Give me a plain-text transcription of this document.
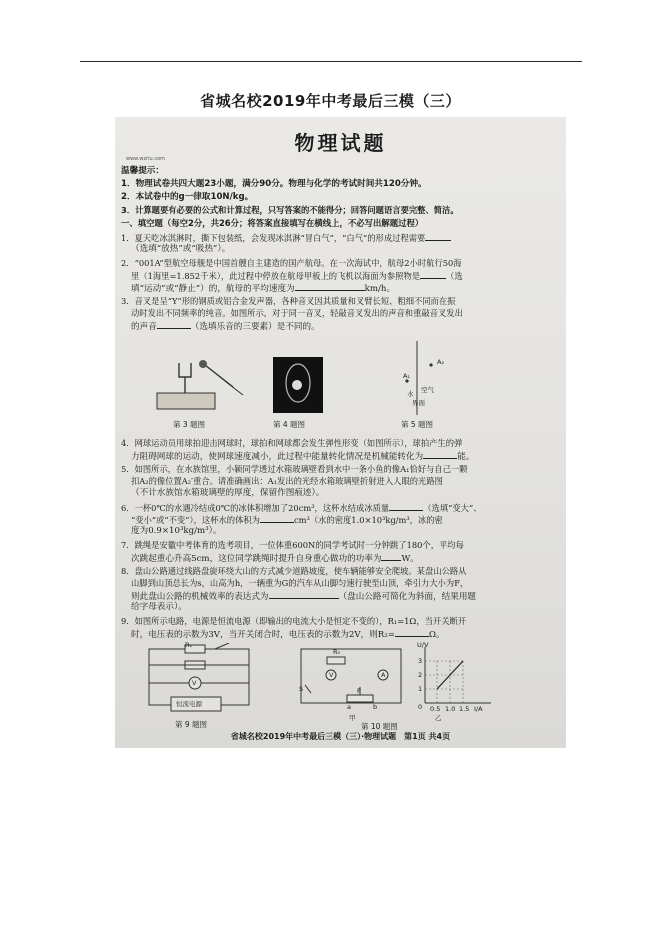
省城名校2019年中考最后三模（三）
物理试题
www.wzriu.com
温馨提示：
1．物理试卷共四大题23小题，满分90分。物理与化学的考试时间共120分钟。
2．本试卷中的g一律取10N/kg。
3．计算题要有必要的公式和计算过程，只写答案的不能得分；回答问题语言要完整、简洁。
一、填空题（每空2分，共26分；将答案直接填写在横线上，不必写出解题过程）
1．夏天吃冰淇淋时，撕下包装纸，会发现冰淇淋“冒白气”，“白气”的形成过程需要
（选填“放热”或“吸热”）。
2．“001A”型航空母舰是中国首艘自主建造的国产航母。在一次海试中，航母2小时航行50海
里（1海里=1.852千米），此过程中停放在航母甲板上的飞机以海面为参照物是	（选
填“运动”或“静止”）的，航母的平均速度为	km/h。
3．音叉是呈“Y”形的钢质或铝合金发声器，各种音叉因其质量和叉臂长短、粗细不同而在振
动时发出不同频率的纯音。如图所示，对于同一音叉，轻敲音叉发出的声音和重敲音叉发出
的声音	（选填乐音的三要素）是不同的。
第 3 题图	第 4 题图
A₁
A₂
水 空气
界面
第 5 题图
4．网球运动员用球拍迎击网球时，球拍和网球都会发生弹性形变（如图所示），球拍产生的弹
力阻碍网球的运动，使网球速度减小，此过程中能量转化情况是机械能转化为	能。
5．如图所示，在水族馆里，小颖同学透过水箱玻璃壁看到水中一条小鱼的像A₁恰好与自己一颗
扣A₂的像位置A₂′重合。请准确画出：A₁发出的光经水箱玻璃壁折射进入人眼的光路图
（不计水族馆水箱玻璃壁的厚度，保留作图痕迹）。
6．一杯0℃的水遇冷结成0℃的冰体积增加了20cm³，这杯水结成冰质量	（选填“变大”、
“变小”或“不变”），这杯水的体积为	cm³（水的密度1.0×10³kg/m³，冰的密
度为0.9×10³kg/m³）。
7．跳绳是安徽中考体育的选考项目，一位体重600N的同学考试时一分钟跳了180个，平均每
次跳起重心升高5cm，这位同学跳绳时提升自身重心做功的功率为 W。
8．盘山公路通过线路盘旋环绕大山的方式减少道路坡度，使车辆能够安全爬坡。某盘山公路从
山脚到山顶总长为s，山高为h，一辆重为G的汽车从山脚匀速行驶至山顶，牵引力大小为F，
则此盘山公路的机械效率的表达式为	（盘山公路可简化为斜面，结果用题
给字母表示）。
9．如图所示电路，电源是恒流电源（即输出的电流大小是恒定不变的），R₁=1Ω，当开关断开
时，电压表的示数为3V，当开关闭合时，电压表的示数为2V，则R₂=	Ω。
R₁
V
恒流电源
第 9 题图
R₀
V	A
S	P
a	b
甲
U/V
3
2
1
0 0.5 1.0 1.5 I/A
乙
第 10 题图
省城名校2019年中考最后三模（三）·物理试题　第1页 共4页
